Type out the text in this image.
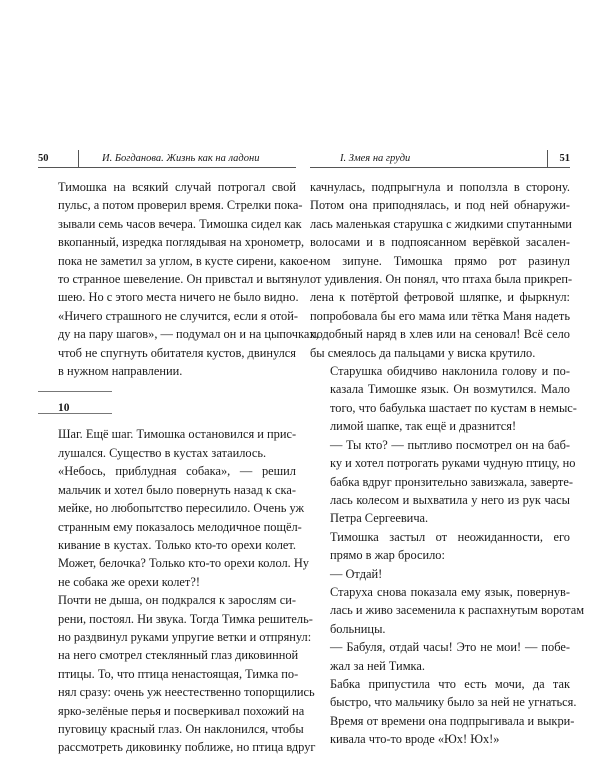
50	И. Богданова. Жизнь как на ладони

Тимошка на всякий случай потрогал свой
пульс, а потом проверил время. Стрелки пока-
зывали семь часов вечера. Тимошка сидел как
вкопанный, изредка поглядывая на хронометр,
пока не заметил за углом, в кусте сирени, какое-
то странное шевеление. Он привстал и вытянул
шею. Но с этого места ничего не было видно.

«Ничего страшного не случится, если я отой-
ду на пару шагов», — подумал он и на цыпочках,
чтоб не спугнуть обитателя кустов, двинулся
в нужном направлении.

10

Шаг. Ещё шаг. Тимошка остановился и прис-
лушался. Существо в кустах затаилось.

«Небось, приблудная собака», — решил
мальчик и хотел было повернуть назад к ска-
мейке, но любопытство пересилило. Очень уж
странным ему показалось мелодичное пощёл-
кивание в кустах. Только кто-то орехи колет.
Может, белочка? Только кто-то орехи колол. Ну
не собака же орехи колет?!

Почти не дыша, он подкрался к зарослям си-
рени, постоял. Ни звука. Тогда Тимка решитель-
но раздвинул руками упругие ветки и отпрянул:
на него смотрел стеклянный глаз диковинной
птицы. То, что птица ненастоящая, Тимка по-
нял сразу: очень уж неестественно топорщились
ярко-зелёные перья и посверкивал похожий на
пуговицу красный глаз. Он наклонился, чтобы
рассмотреть диковинку поближе, но птица вдруг

I. Змея на груди	51

качнулась, подпрыгнула и поползла в сторону.
Потом она приподнялась, и под ней обнаружи-
лась маленькая старушка с жидкими спутанными
волосами и в подпоясанном верёвкой засален-
ном зипуне. Тимошка прямо рот разинул
от удивления. Он понял, что птаха была прикреп-
лена к потёртой фетровой шляпке, и фыркнул:
попробовала бы его мама или тётка Маня надеть
подобный наряд в хлев или на сеновал! Всё село
бы смеялось да пальцами у виска крутило.

Старушка обидчиво наклонила голову и по-
казала Тимошке язык. Он возмутился. Мало
того, что бабулька шастает по кустам в немыс-
лимой шапке, так ещё и дразнится!

— Ты кто? — пытливо посмотрел он на баб-
ку и хотел потрогать руками чудную птицу, но
бабка вдруг пронзительно завизжала, заверте-
лась колесом и выхватила у него из рук часы
Петра Сергеевича.

Тимошка застыл от неожиданности, его
прямо в жар бросило:

— Отдай!

Старуха снова показала ему язык, повернув-
лась и живо засеменила к распахнутым воротам
больницы.

— Бабуля, отдай часы! Это не мои! — побе-
жал за ней Тимка.

Бабка припустила что есть мочи, да так
быстро, что мальчику было за ней не угнаться.
Время от времени она подпрыгивала и выкри-
кивала что-то вроде «Юх! Юх!»
